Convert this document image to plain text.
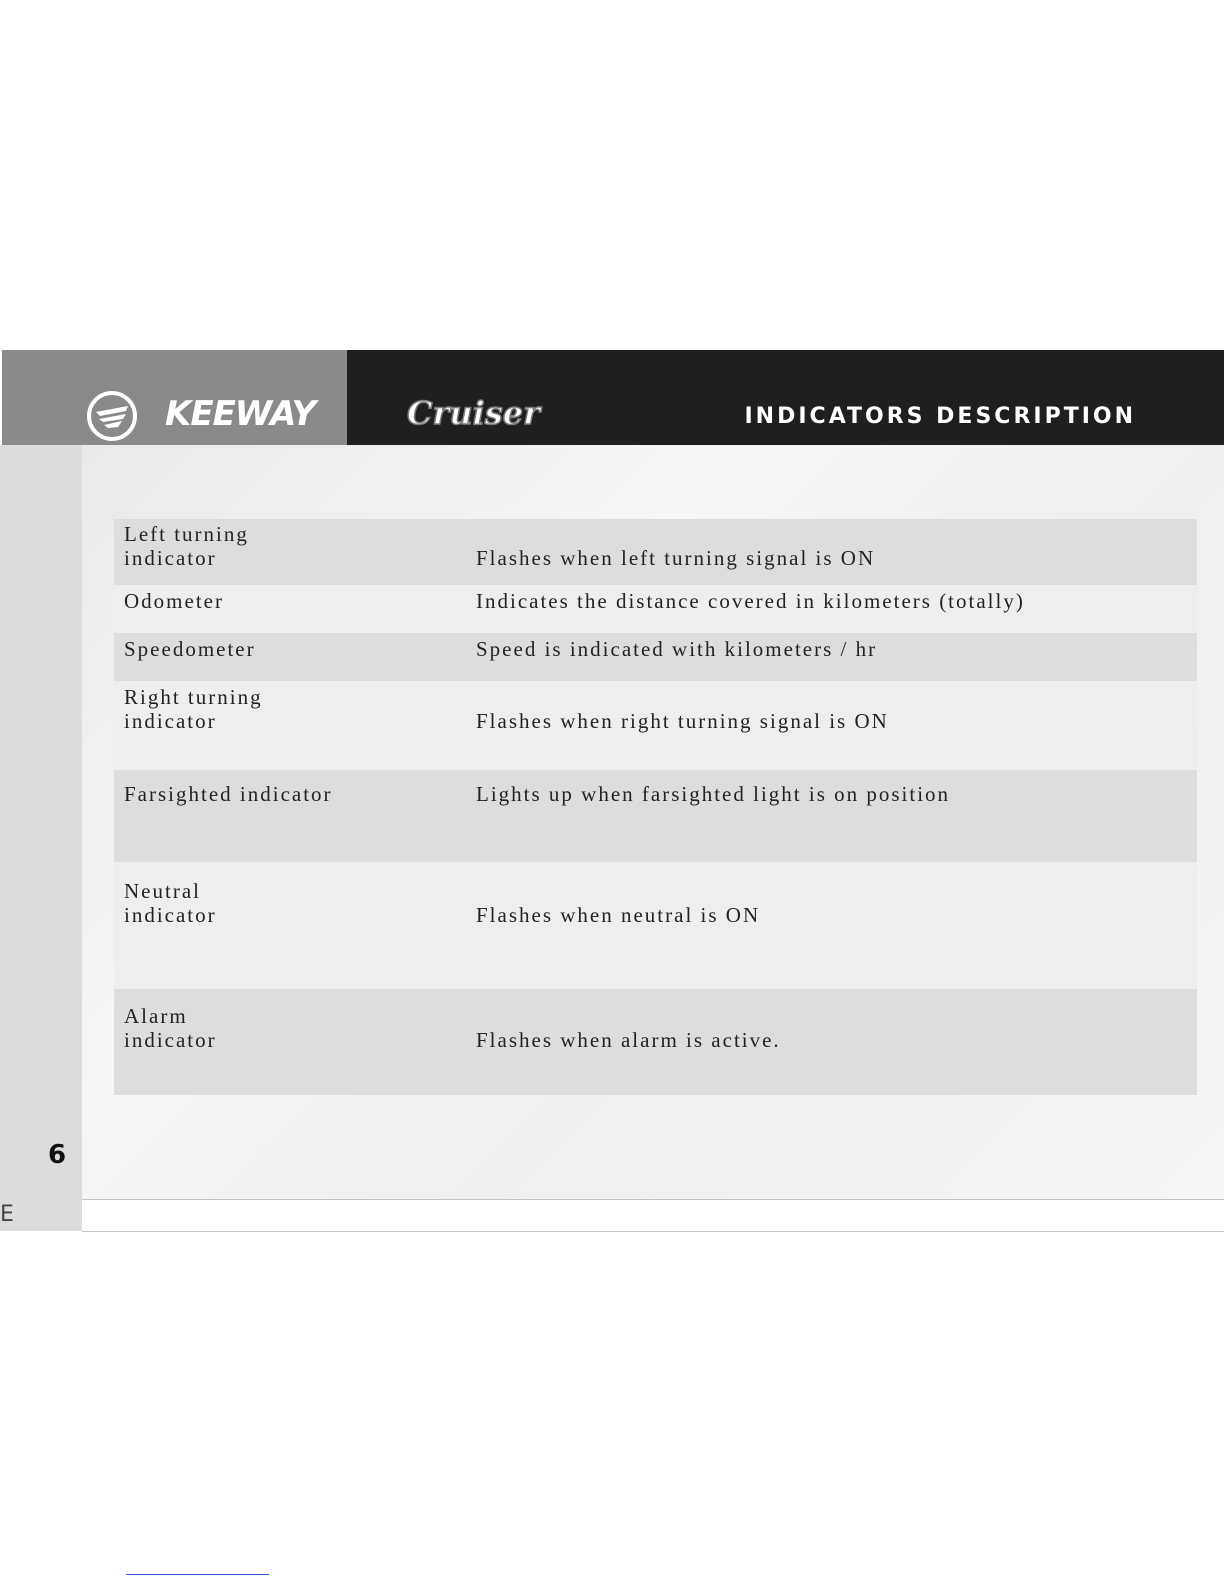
KEEWAY	Cruiser	INDICATORS DESCRIPTION
Left turning
indicator	Flashes when left turning signal is ON
Odometer	Indicates the distance covered in kilometers (totally)
Speedometer	Speed is indicated with kilometers / hr
Right turning
indicator	Flashes when right turning signal is ON
Farsighted indicator	Lights up when farsighted light is on position
Neutral
indicator	Flashes when neutral is ON
Alarm
indicator	Flashes when alarm is active.
6
E
